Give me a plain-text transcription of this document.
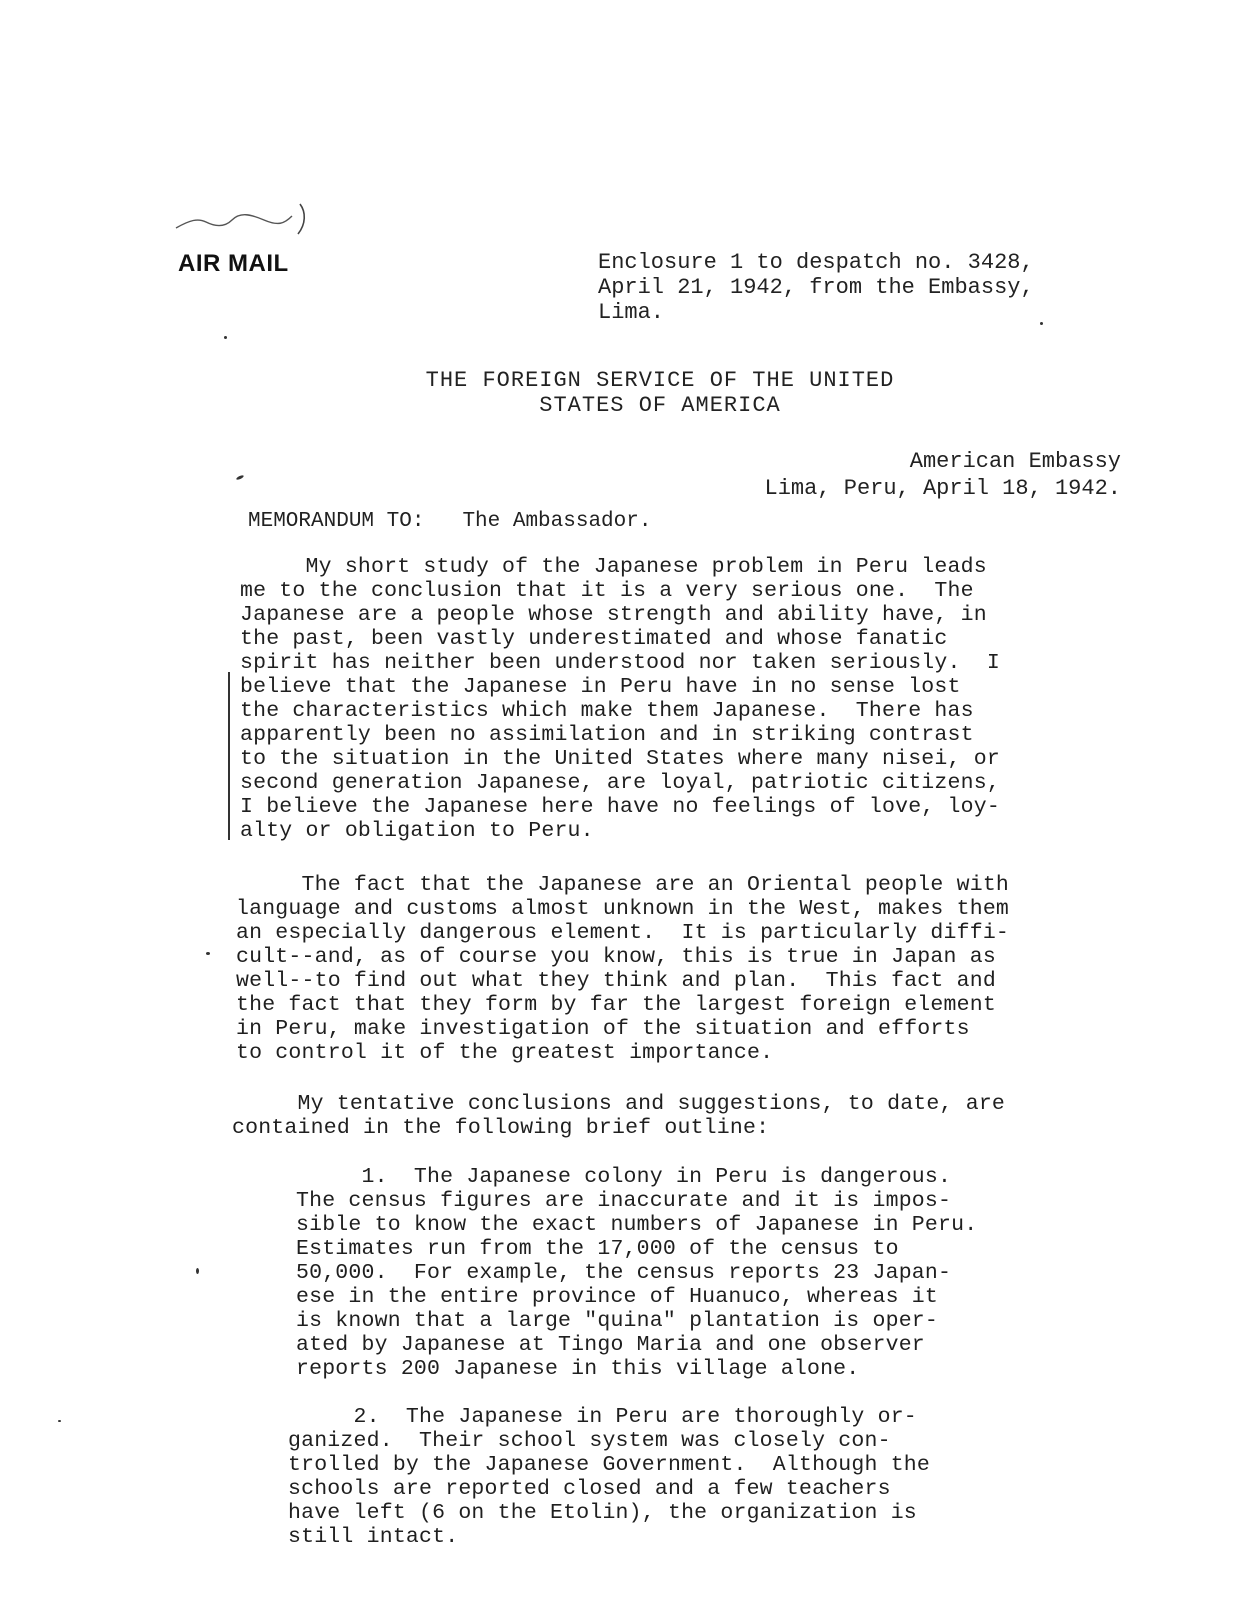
AIR MAIL	Enclosure 1 to despatch no. 3428,
April 21, 1942, from the Embassy,
Lima.
THE FOREIGN SERVICE OF THE UNITED
STATES OF AMERICA
American Embassy
Lima, Peru, April 18, 1942.
MEMORANDUM TO: The Ambassador.
My short study of the Japanese problem in Peru leads
me to the conclusion that it is a very serious one.  The
Japanese are a people whose strength and ability have, in
the past, been vastly underestimated and whose fanatic
spirit has neither been understood nor taken seriously.  I
believe that the Japanese in Peru have in no sense lost
the characteristics which make them Japanese.  There has
apparently been no assimilation and in striking contrast
to the situation in the United States where many nisei, or
second generation Japanese, are loyal, patriotic citizens,
I believe the Japanese here have no feelings of love, loy-
alty or obligation to Peru.
The fact that the Japanese are an Oriental people with
language and customs almost unknown in the West, makes them
an especially dangerous element.  It is particularly diffi-
cult--and, as of course you know, this is true in Japan as
well--to find out what they think and plan.  This fact and
the fact that they form by far the largest foreign element
in Peru, make investigation of the situation and efforts
to control it of the greatest importance.
My tentative conclusions and suggestions, to date, are
contained in the following brief outline:
1.  The Japanese colony in Peru is dangerous.
The census figures are inaccurate and it is impos-
sible to know the exact numbers of Japanese in Peru.
Estimates run from the 17,000 of the census to
50,000.  For example, the census reports 23 Japan-
ese in the entire province of Huanuco, whereas it
is known that a large "quina" plantation is oper-
ated by Japanese at Tingo Maria and one observer
reports 200 Japanese in this village alone.
2.  The Japanese in Peru are thoroughly or-
ganized.  Their school system was closely con-
trolled by the Japanese Government.  Although the
schools are reported closed and a few teachers
have left (6 on the Etolin), the organization is
still intact.
